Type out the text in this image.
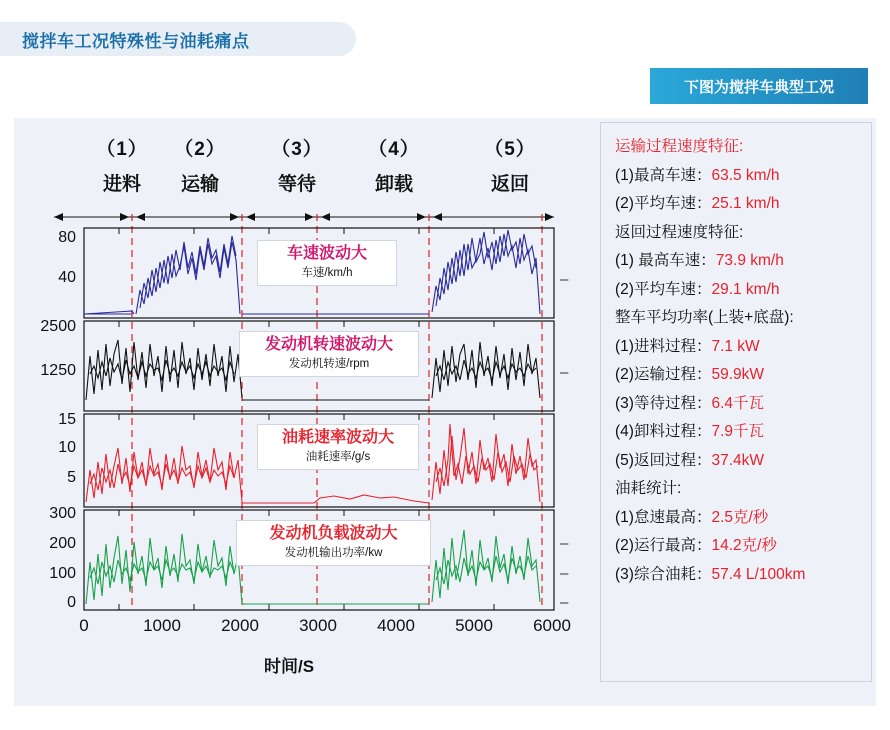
搅拌车工况特殊性与油耗痛点
下图为搅拌车典型工况
（1）
进料
（2）
运输
（3）
等待
（4）
卸载
（5）
返回
80
40	–
车速波动大
车速/km/h
2500
1250	–
发动机转速波动大
发动机转速/rpm
15
10
5
油耗速率波动大
油耗速率/g/s
300
200
100
0
–
–
–
发动机负载波动大
发动机输出功率/kw
0	1000 2000 3000 4000 5000 6000
时间/S
运输过程速度特征:
(1)最高车速：63.5 km/h
(2)平均车速：25.1 km/h
返回过程速度特征:
(1) 最高车速：73.9 km/h
(2)平均车速：29.1 km/h
整车平均功率(上装+底盘):
(1)进料过程：7.1 kW
(2)运输过程：59.9kW
(3)等待过程：6.4千瓦
(4)卸料过程：7.9千瓦
(5)返回过程：37.4kW
油耗统计:
(1)怠速最高：2.5克/秒
(2)运行最高：14.2克/秒
(3)综合油耗：57.4 L/100km
